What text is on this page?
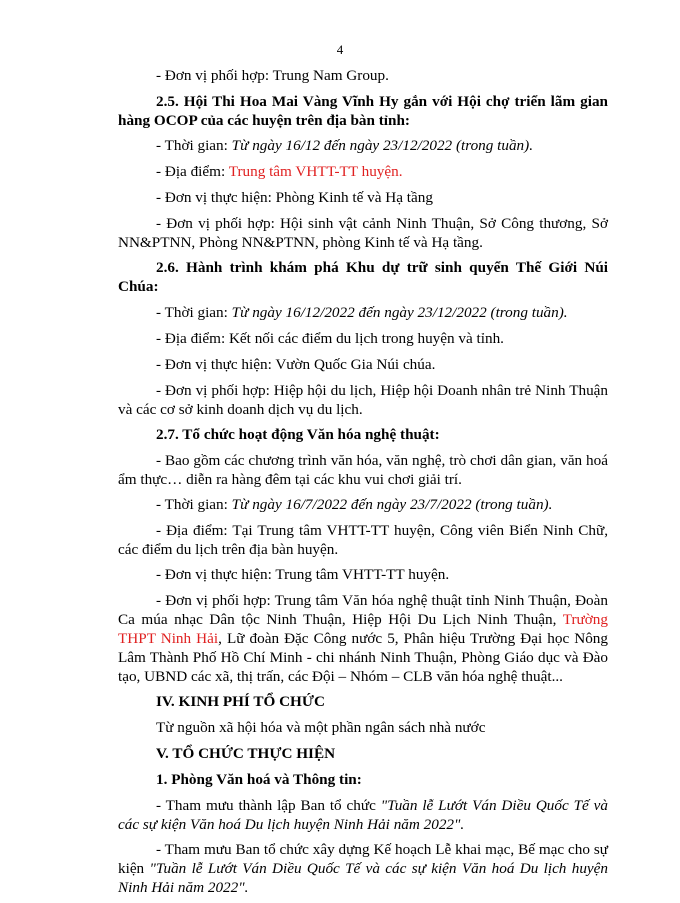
4

- Đơn vị phối hợp: Trung Nam Group.

2.5. Hội Thi Hoa Mai Vàng Vĩnh Hy gắn với Hội chợ triển lãm gian hàng OCOP của các huyện trên địa bàn tỉnh:

- Thời gian: Từ ngày 16/12 đến ngày 23/12/2022 (trong tuần).

- Địa điểm: Trung tâm VHTT-TT huyện.

- Đơn vị thực hiện: Phòng Kinh tế và Hạ tầng

- Đơn vị phối hợp: Hội sinh vật cảnh Ninh Thuận, Sở Công thương, Sở NN&PTNN, Phòng NN&PTNN, phòng Kinh tế và Hạ tầng.

2.6. Hành trình khám phá Khu dự trữ sinh quyển Thế Giới Núi Chúa:

- Thời gian: Từ ngày 16/12/2022 đến ngày 23/12/2022 (trong tuần).

- Địa điểm: Kết nối các điểm du lịch trong huyện và tỉnh.

- Đơn vị thực hiện: Vườn Quốc Gia Núi chúa.

- Đơn vị phối hợp: Hiệp hội du lịch, Hiệp hội Doanh nhân trẻ Ninh Thuận và các cơ sở kinh doanh dịch vụ du lịch.

2.7. Tổ chức hoạt động Văn hóa nghệ thuật:

- Bao gồm các chương trình văn hóa, văn nghệ, trò chơi dân gian, văn hoá ẩm thực… diễn ra hàng đêm tại các khu vui chơi giải trí.

- Thời gian: Từ ngày 16/7/2022 đến ngày 23/7/2022 (trong tuần).

- Địa điểm: Tại Trung tâm VHTT-TT huyện, Công viên Biển Ninh Chữ, các điểm du lịch trên địa bàn huyện.

- Đơn vị thực hiện: Trung tâm VHTT-TT huyện.

- Đơn vị phối hợp: Trung tâm Văn hóa nghệ thuật tỉnh Ninh Thuận, Đoàn Ca múa nhạc Dân tộc Ninh Thuận, Hiệp Hội Du Lịch Ninh Thuận, Trường THPT Ninh Hải, Lữ đoàn Đặc Công nước 5, Phân hiệu Trường Đại học Nông Lâm Thành Phố Hồ Chí Minh - chi nhánh Ninh Thuận, Phòng Giáo dục và Đào tạo, UBND các xã, thị trấn, các Đội – Nhóm – CLB văn hóa nghệ thuật...

IV. KINH PHÍ TỔ CHỨC

Từ nguồn xã hội hóa và một phần ngân sách nhà nước

V. TỔ CHỨC THỰC HIỆN

1. Phòng Văn hoá và Thông tin:

- Tham mưu thành lập Ban tổ chức "Tuần lễ Lướt Ván Diều Quốc Tế và các sự kiện Văn hoá Du lịch huyện Ninh Hải năm 2022".

- Tham mưu Ban tổ chức xây dựng Kế hoạch Lễ khai mạc, Bế mạc cho sự kiện "Tuần lễ Lướt Ván Diều Quốc Tế và các sự kiện Văn hoá Du lịch huyện Ninh Hải năm 2022".
